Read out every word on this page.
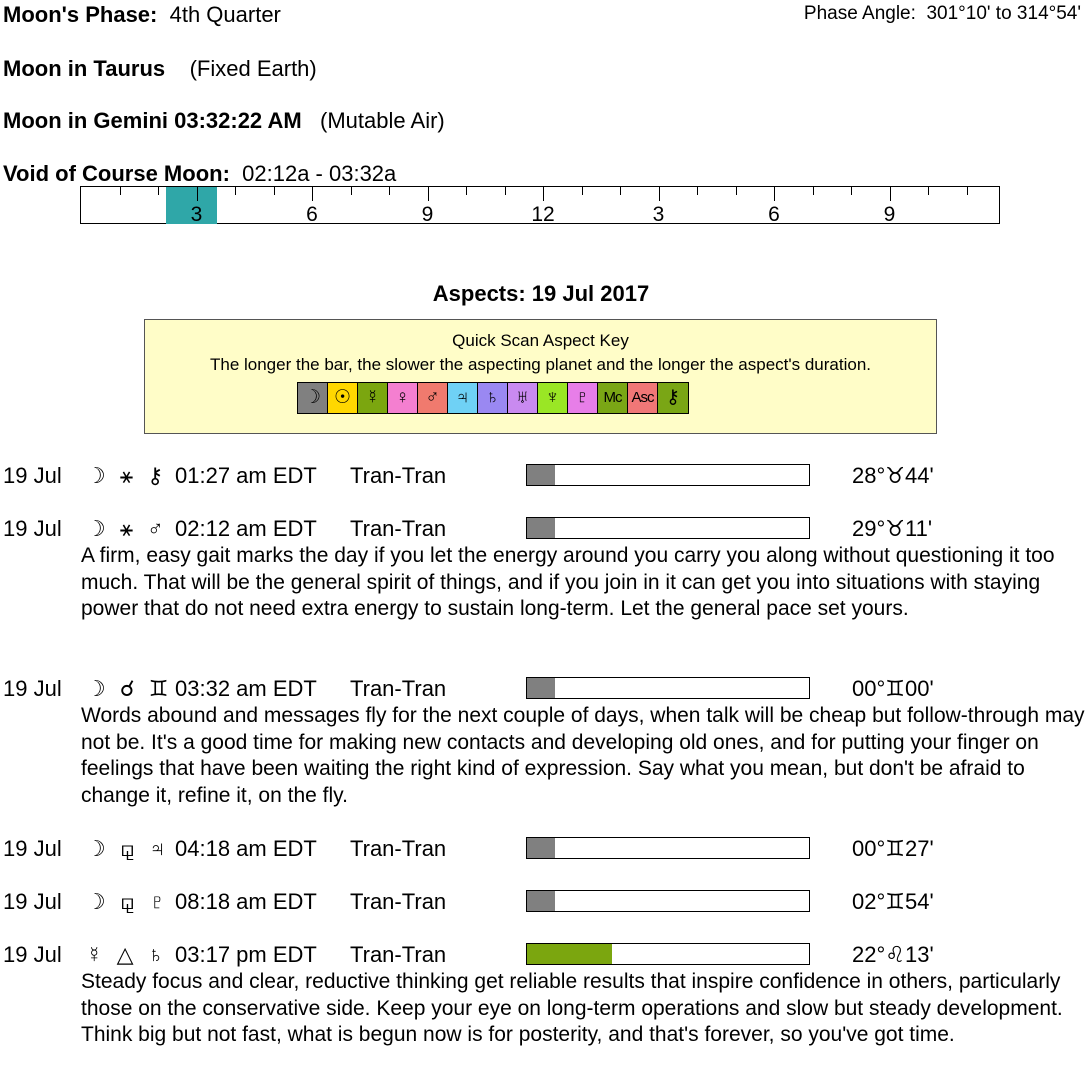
Moon's Phase: 4th Quarter	Phase Angle: 301°10' to 314°54'
Moon in Taurus (Fixed Earth)
Moon in Gemini 03:32:22 AM (Mutable Air)
Void of Course Moon: 02:12a - 03:32a
3	6	9	12	3	6	9
Aspects: 19 Jul 2017
Quick Scan Aspect Key
The longer the bar, the slower the aspecting planet and the longer the aspect's duration.
☽ ☉ ☿ ♀ ♂ ♃ ♄ ♅ ♆ ♇ Mc Asc ⚷
19 Jul ☽ ⚹ ⚷ 01:27 am EDT Tran-Tran	28°♉44'
19 Jul ☽ ⚹ ♂ 02:12 am EDT Tran-Tran	29°♉11'
A firm, easy gait marks the day if you let the energy around you carry you along without questioning it too much. That will be the general spirit of things, and if you join in it can get you into situations with staying power that do not need extra energy to sustain long-term. Let the general pace set yours.
19 Jul ☽ ☌ ♊ 03:32 am EDT Tran-Tran	00°♊00'
Words abound and messages fly for the next couple of days, when talk will be cheap but follow-through may not be. It's a good time for making new contacts and developing old ones, and for putting your finger on feelings that have been waiting the right kind of expression. Say what you mean, but don't be afraid to change it, refine it, on the fly.
19 Jul ☽ ⚼ ♃ 04:18 am EDT Tran-Tran	00°♊27'
19 Jul ☽ ⚼ ♇ 08:18 am EDT Tran-Tran	02°♊54'
19 Jul ☿ △ ♄ 03:17 pm EDT Tran-Tran	22°♌13'
Steady focus and clear, reductive thinking get reliable results that inspire confidence in others, particularly those on the conservative side. Keep your eye on long-term operations and slow but steady development. Think big but not fast, what is begun now is for posterity, and that's forever, so you've got time.
